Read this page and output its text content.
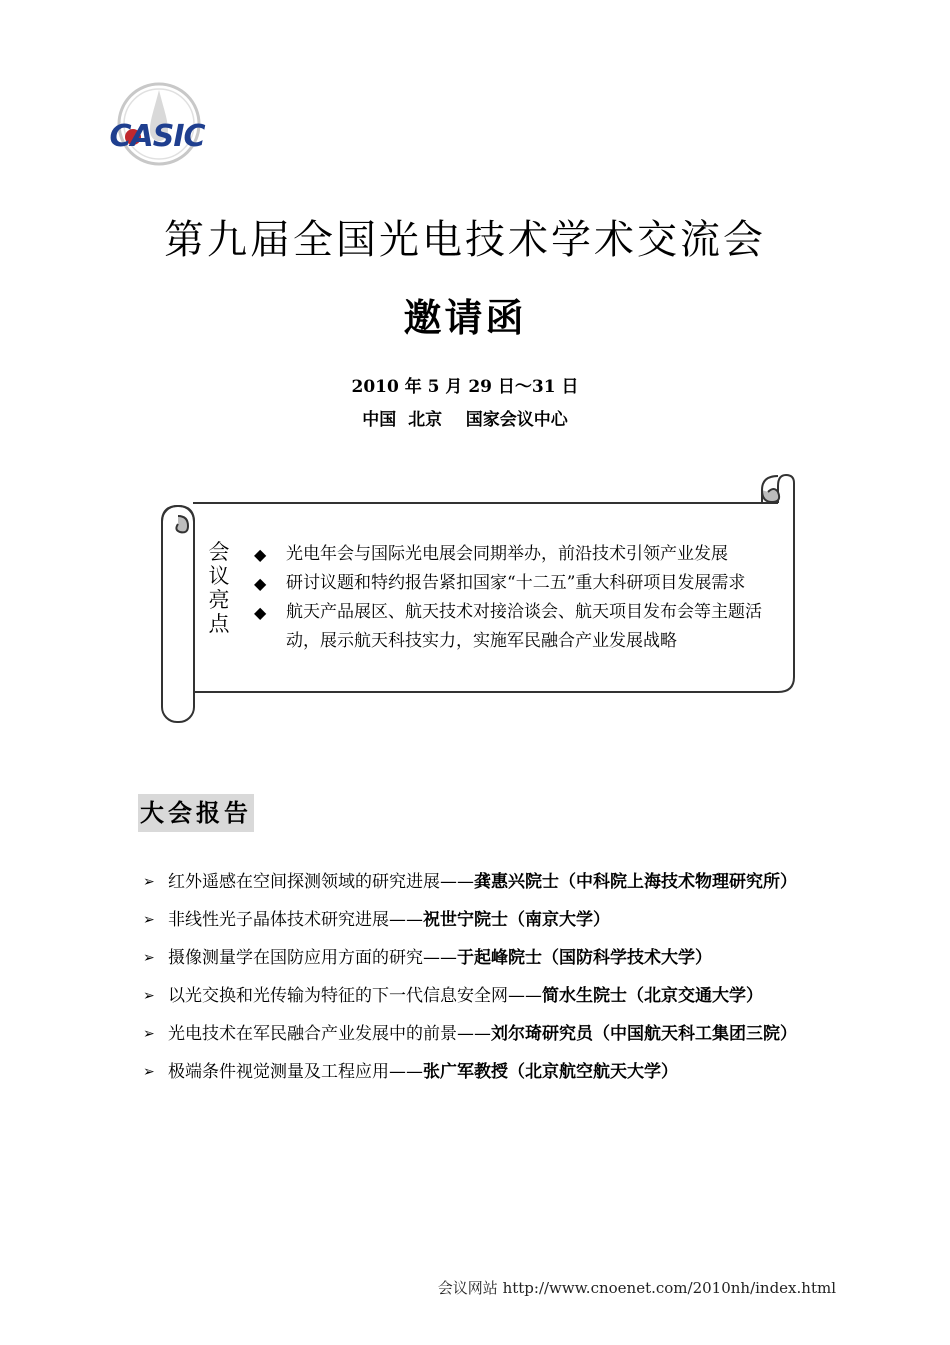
CASIC
第九届全国光电技术学术交流会
邀请函
2010 年 5 月 29 日～31 日
中国  北京    国家会议中心
会
议
亮
点
◆ 光电年会与国际光电展会同期举办，前沿技术引领产业发展
◆ 研讨议题和特约报告紧扣国家“十二五”重大科研项目发展需求
◆ 航天产品展区、航天技术对接洽谈会、航天项目发布会等主题活动，展示航天科技实力，实施军民融合产业发展战略
大会报告
➢ 红外遥感在空间探测领域的研究进展——龚惠兴院士（中科院上海技术物理研究所）
➢ 非线性光子晶体技术研究进展——祝世宁院士（南京大学）
➢ 摄像测量学在国防应用方面的研究——于起峰院士（国防科学技术大学）
➢ 以光交换和光传输为特征的下一代信息安全网——简水生院士（北京交通大学）
➢ 光电技术在军民融合产业发展中的前景——刘尔琦研究员（中国航天科工集团三院）
➢ 极端条件视觉测量及工程应用——张广军教授（北京航空航天大学）
会议网站 http://www.cnoenet.com/2010nh/index.html
